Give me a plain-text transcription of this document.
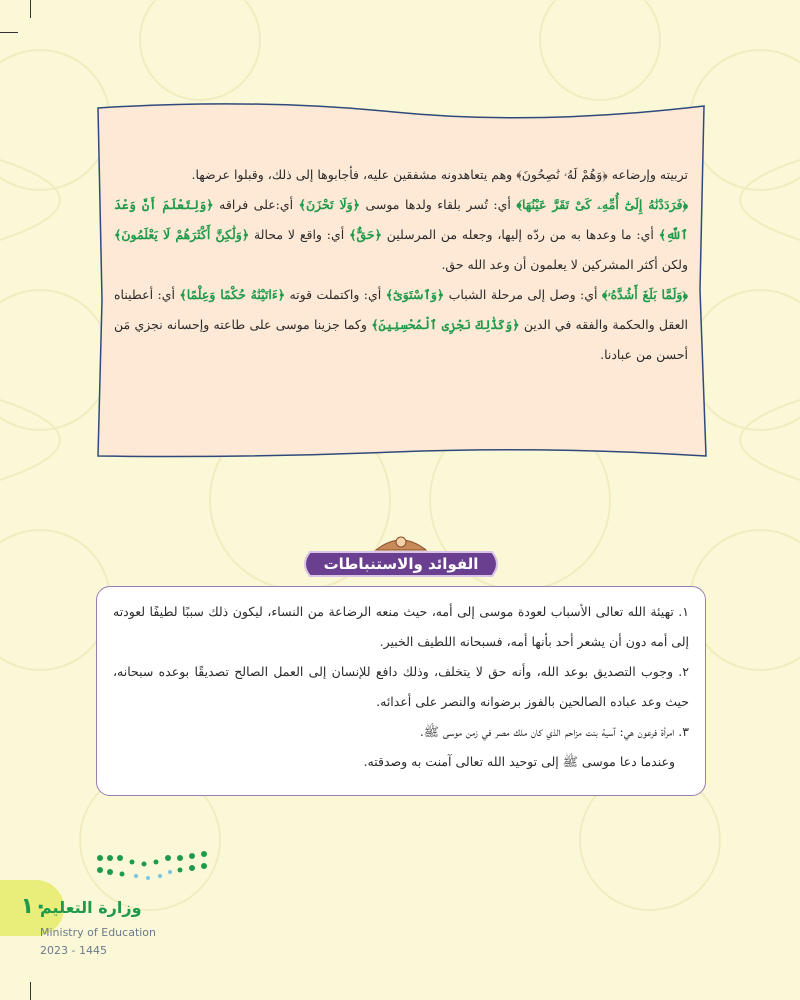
تربيته وإرضاعه ﴿وَهُمْ لَهُۥ نَٰصِحُونَ﴾ وهم يتعاهدونه مشفقين عليه، فأجابوها إلى ذلك، وقبلوا عرضها.
﴿فَرَدَدْنَٰهُ إِلَىٰٓ أُمِّهِۦ كَىْ تَقَرَّ عَيْنُهَا﴾ أي: تُسر بلقاء ولدها موسى ﴿وَلَا تَحْزَنَ﴾ أي:على فراقه ﴿وَلِتَعْلَمَ أَنَّ وَعْدَ ٱللَّهِ﴾ أي: ما وعدها به من ردّه إليها، وجعله من المرسلين ﴿حَقٌّ﴾ أي: واقع لا محالة ﴿وَلَٰكِنَّ أَكْثَرَهُمْ لَا يَعْلَمُونَ﴾ ولكن أكثر المشركين لا يعلمون أن وعد الله حق.
﴿وَلَمَّا بَلَغَ أَشُدَّهُۥ﴾ أي: وصل إلى مرحلة الشباب ﴿وَٱسْتَوَىٰٓ﴾ أي: واكتملت قوته ﴿ءَاتَيْنَٰهُ حُكْمًا وَعِلْمًا﴾ أي: أعطيناه العقل والحكمة والفقه في الدين ﴿وَكَذَٰلِكَ نَجْزِى ٱلْمُحْسِنِينَ﴾ وكما جزينا موسى على طاعته وإحسانه نجزي مَن أحسن من عبادنا.
الفوائد والاستنباطات
١. تهيئة الله تعالى الأسباب لعودة موسى إلى أمه، حيث منعه الرضاعة من النساء، ليكون ذلك سببًا لطيفًا لعودته إلى أمه دون أن يشعر أحد بأنها أمه، فسبحانه اللطيف الخبير.
٢. وجوب التصديق بوعد الله، وأنه حق لا يتخلف، وذلك دافع للإنسان إلى العمل الصالح تصديقًا بوعده سبحانه، حيث وعد عباده الصالحين بالفوز برضوانه والنصر على أعدائه.
٣. امرأة فرعون هي: آسية بنت مزاحم الذي كان ملك مصر في زمن موسى ﷺ.
وعندما دعا موسى ﷺ إلى توحيد الله تعالى آمنت به وصدقته.
١٠
وزارة التعليم
Ministry of Education
2023 - 1445
